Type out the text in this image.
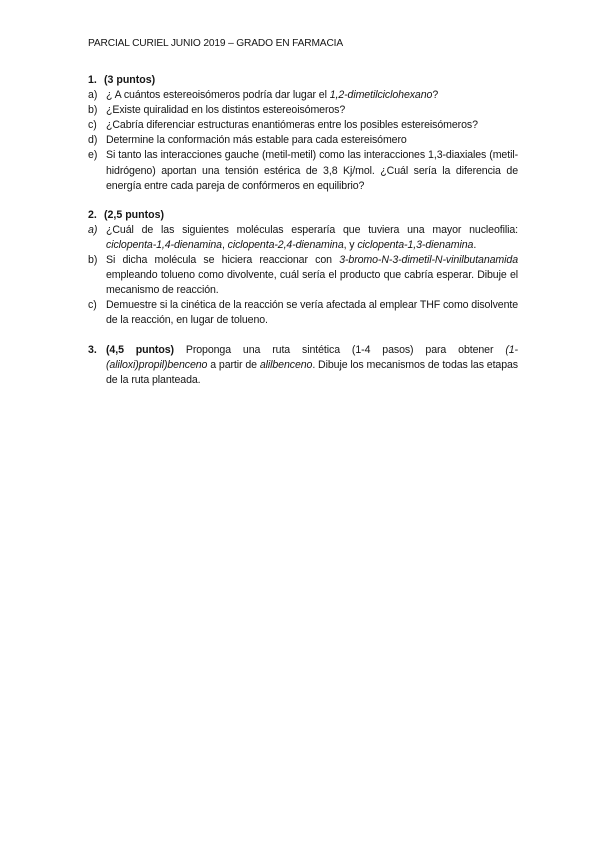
PARCIAL CURIEL JUNIO 2019 – GRADO EN FARMACIA
1. (3 puntos)
a) ¿ A cuántos estereoisómeros podría dar lugar el 1,2-dimetilciclohexano?
b) ¿Existe quiralidad en los distintos estereoisómeros?
c) ¿Cabría diferenciar estructuras enantiómeras entre los posibles estereisómeros?
d) Determine la conformación más estable para cada estereisómero
e) Si tanto las interacciones gauche (metil-metil) como las interacciones 1,3-diaxiales (metil-hidrógeno) aportan una tensión estérica de 3,8 Kj/mol. ¿Cuál sería la diferencia de energía entre cada pareja de confórmeros en equilibrio?
2. (2,5 puntos)
a) ¿Cuál de las siguientes moléculas esperaría que tuviera una mayor nucleofilia: ciclopenta-1,4-dienamina, ciclopenta-2,4-dienamina, y ciclopenta-1,3-dienamina.
b) Si dicha molécula se hiciera reaccionar con 3-bromo-N-3-dimetil-N-vinilbutanamida empleando tolueno como divolvente, cuál sería el producto que cabría esperar. Dibuje el mecanismo de reacción.
c) Demuestre si la cinética de la reacción se vería afectada al emplear THF como disolvente de la reacción, en lugar de tolueno.
3. (4,5 puntos) Proponga una ruta sintética (1-4 pasos) para obtener (1-(aliloxi)propil)benceno a partir de alilbenceno. Dibuje los mecanismos de todas las etapas de la ruta planteada.
